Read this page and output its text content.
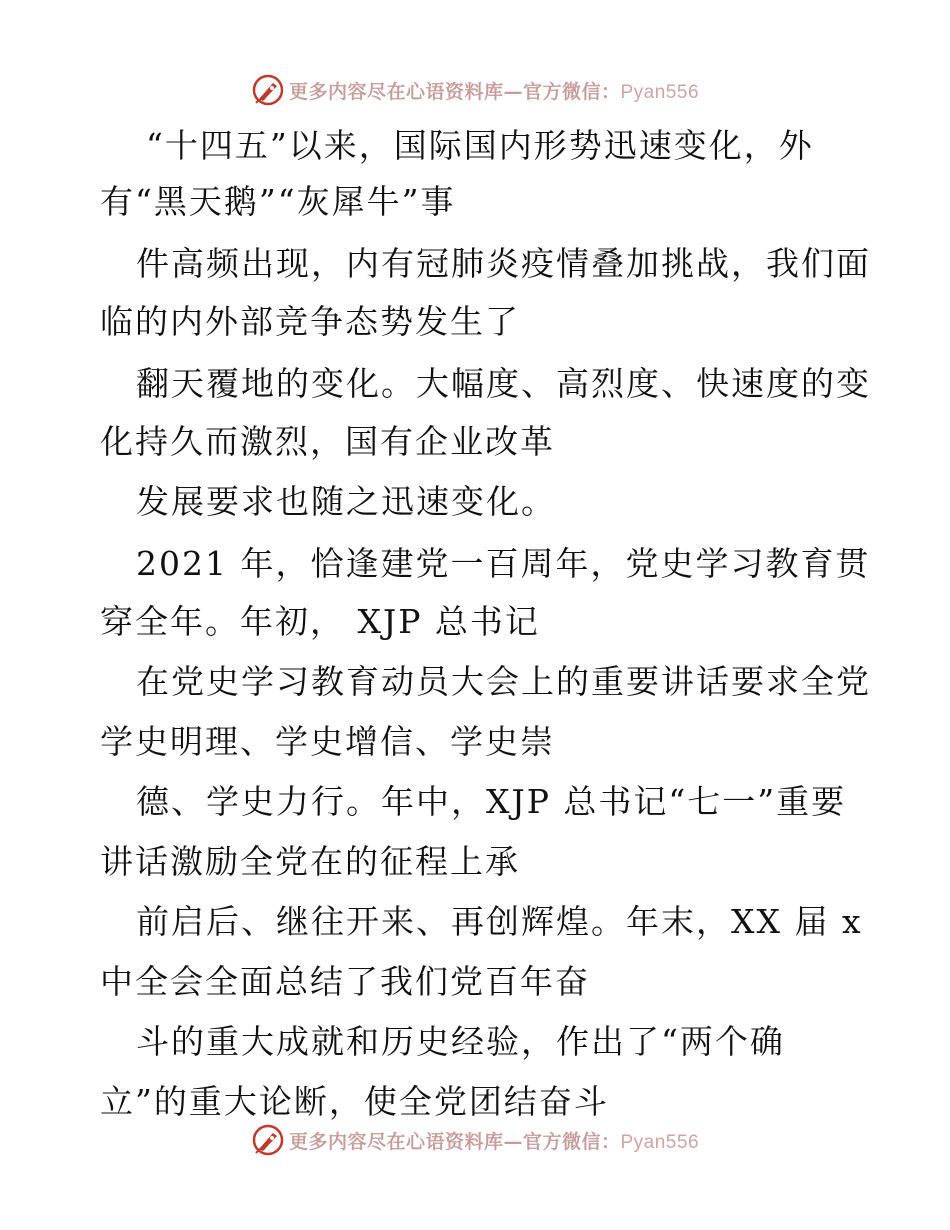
更多内容尽在心语资料库—官方微信：Pyan556
“十四五”以来，国际国内形势迅速变化，外
有“黑天鹅”“灰犀牛”事
件高频出现，内有冠肺炎疫情叠加挑战，我们面
临的内外部竞争态势发生了
翻天覆地的变化。大幅度、高烈度、快速度的变
化持久而激烈，国有企业改革
发展要求也随之迅速变化。
2021 年，恰逢建党一百周年，党史学习教育贯
穿全年。年初， XJP 总书记
在党史学习教育动员大会上的重要讲话要求全党
学史明理、学史增信、学史崇
德、学史力行。年中，XJP 总书记“七一”重要
讲话激励全党在的征程上承
前启后、继往开来、再创辉煌。年末，XX 届 x
中全会全面总结了我们党百年奋
斗的重大成就和历史经验，作出了“两个确
立”的重大论断，使全党团结奋斗
更多内容尽在心语资料库—官方微信：Pyan556
